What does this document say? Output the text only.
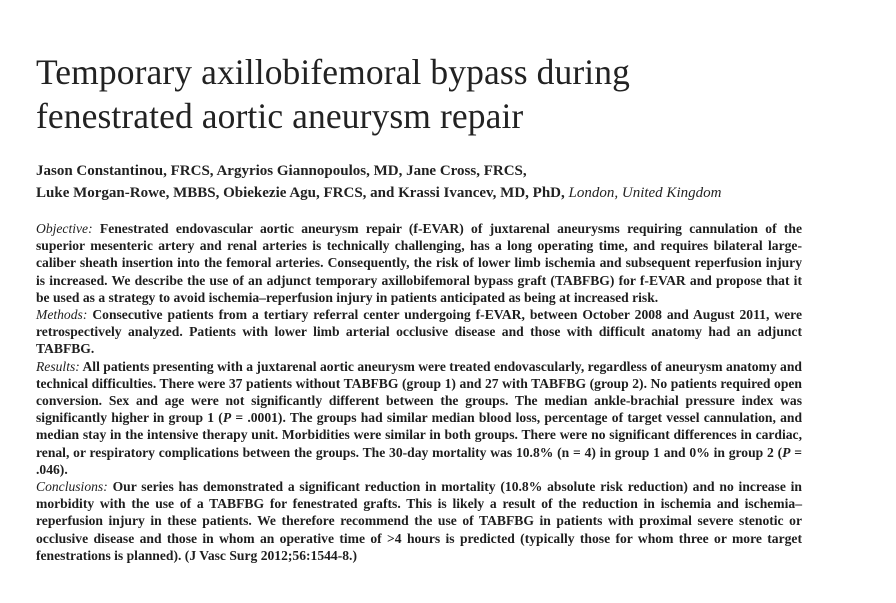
Temporary axillobifemoral bypass during
fenestrated aortic aneurysm repair
Jason Constantinou, FRCS, Argyrios Giannopoulos, MD, Jane Cross, FRCS,
Luke Morgan-Rowe, MBBS, Obiekezie Agu, FRCS, and Krassi Ivancev, MD, PhD, London, United Kingdom

Objective: Fenestrated endovascular aortic aneurysm repair (f-EVAR) of juxtarenal aneurysms requiring cannulation of the superior mesenteric artery and renal arteries is technically challenging, has a long operating time, and requires bilateral large-caliber sheath insertion into the femoral arteries. Consequently, the risk of lower limb ischemia and subsequent reperfusion injury is increased. We describe the use of an adjunct temporary axillobifemoral bypass graft (TABFBG) for f-EVAR and propose that it be used as a strategy to avoid ischemia–reperfusion injury in patients anticipated as being at increased risk.

Methods: Consecutive patients from a tertiary referral center undergoing f-EVAR, between October 2008 and August 2011, were retrospectively analyzed. Patients with lower limb arterial occlusive disease and those with difficult anatomy had an adjunct TABFBG.

Results: All patients presenting with a juxtarenal aortic aneurysm were treated endovascularly, regardless of aneurysm anatomy and technical difficulties. There were 37 patients without TABFBG (group 1) and 27 with TABFBG (group 2). No patients required open conversion. Sex and age were not significantly different between the groups. The median ankle-brachial pressure index was significantly higher in group 1 (P = .0001). The groups had similar median blood loss, percentage of target vessel cannulation, and median stay in the intensive therapy unit. Morbidities were similar in both groups. There were no significant differences in cardiac, renal, or respiratory complications between the groups. The 30-day mortality was 10.8% (n = 4) in group 1 and 0% in group 2 (P = .046).

Conclusions: Our series has demonstrated a significant reduction in mortality (10.8% absolute risk reduction) and no increase in morbidity with the use of a TABFBG for fenestrated grafts. This is likely a result of the reduction in ischemia and ischemia–reperfusion injury in these patients. We therefore recommend the use of TABFBG in patients with proximal severe stenotic or occlusive disease and those in whom an operative time of >4 hours is predicted (typically those for whom three or more target fenestrations is planned). (J Vasc Surg 2012;56:1544-8.)
